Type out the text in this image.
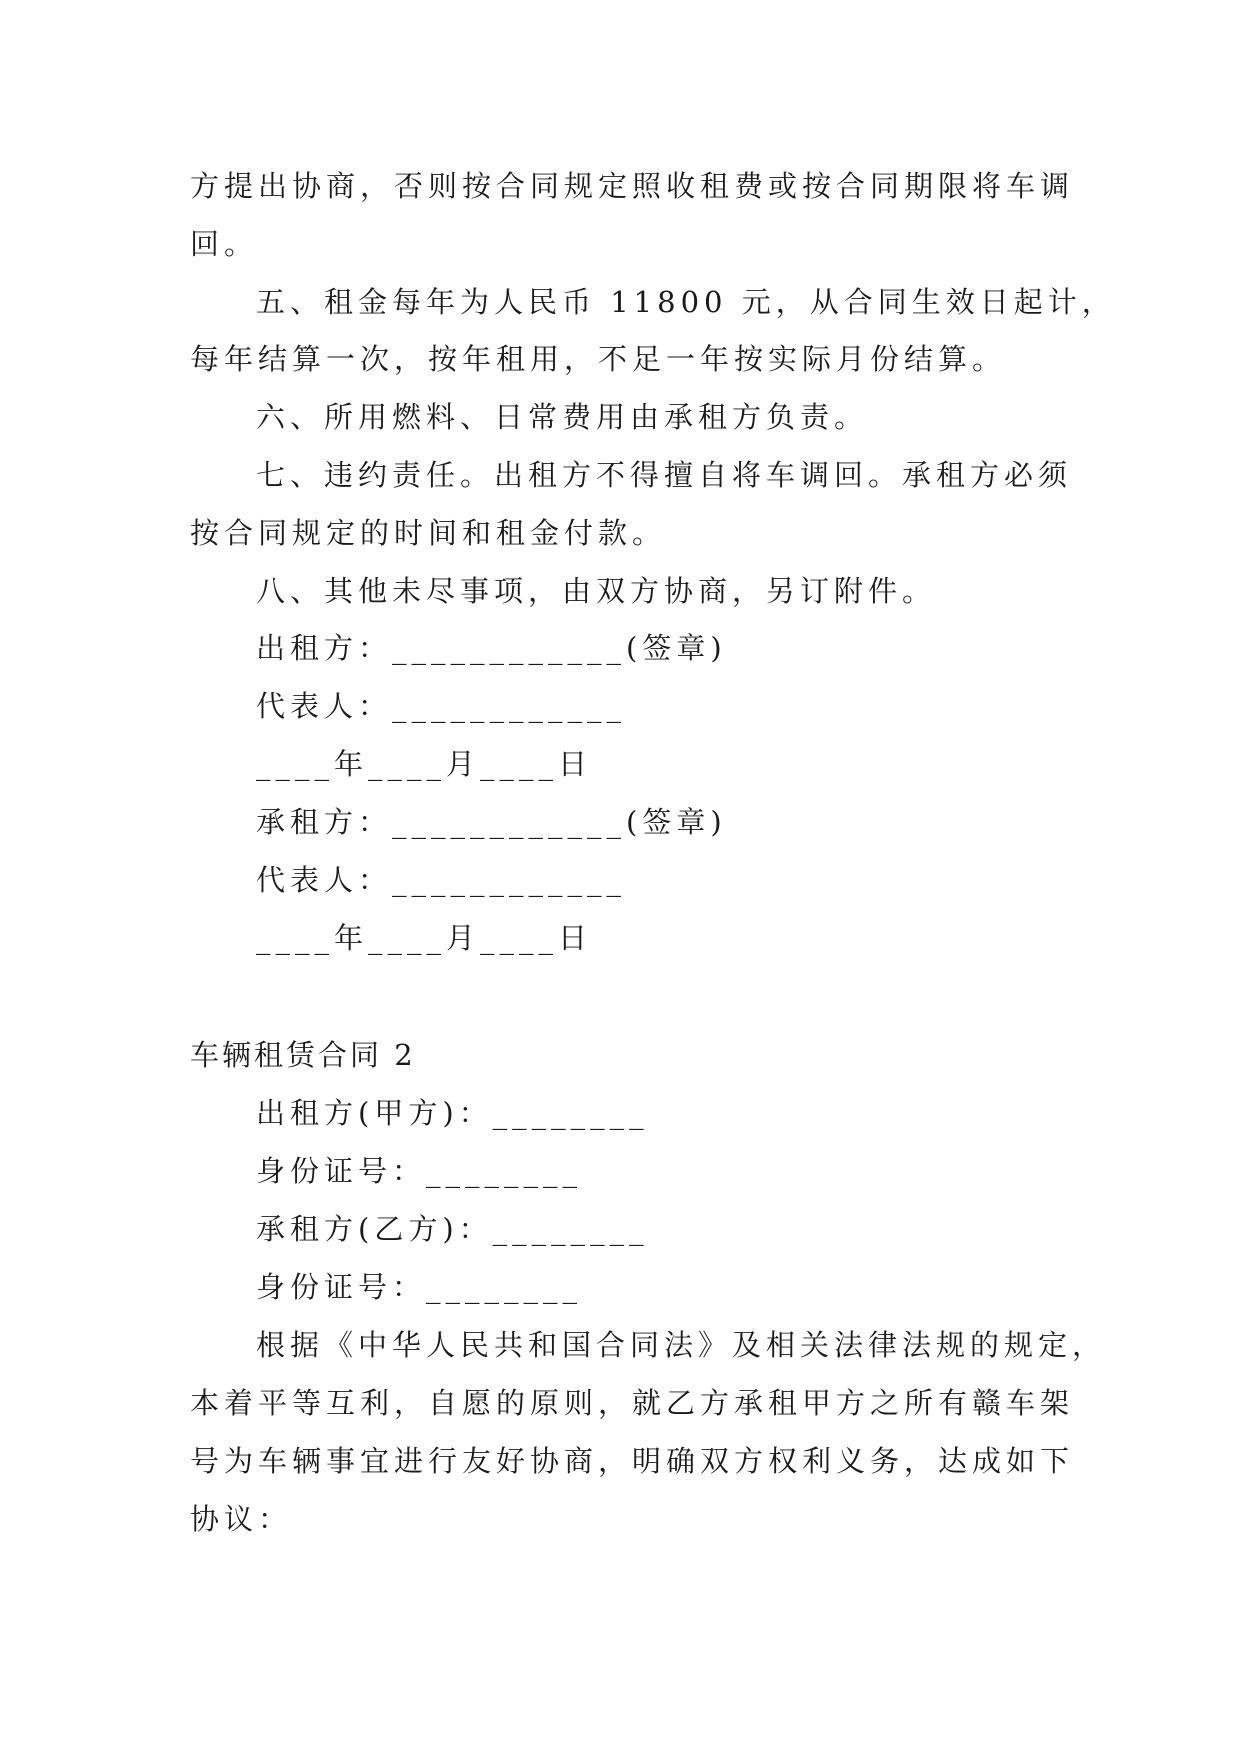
方提出协商，否则按合同规定照收租费或按合同期限将车调
回。
五、租金每年为人民币 11800 元，从合同生效日起计，
每年结算一次，按年租用，不足一年按实际月份结算。
六、所用燃料、日常费用由承租方负责。
七、违约责任。出租方不得擅自将车调回。承租方必须
按合同规定的时间和租金付款。
八、其他未尽事项，由双方协商，另订附件。
出租方：____________(签章)
代表人：____________
____年____月____日
承租方：____________(签章)
代表人：____________
____年____月____日
车辆租赁合同 2
出租方(甲方)：________
身份证号：________
承租方(乙方)：________
身份证号：________
根据《中华人民共和国合同法》及相关法律法规的规定，
本着平等互利，自愿的原则，就乙方承租甲方之所有赣车架
号为车辆事宜进行友好协商，明确双方权利义务，达成如下
协议：
